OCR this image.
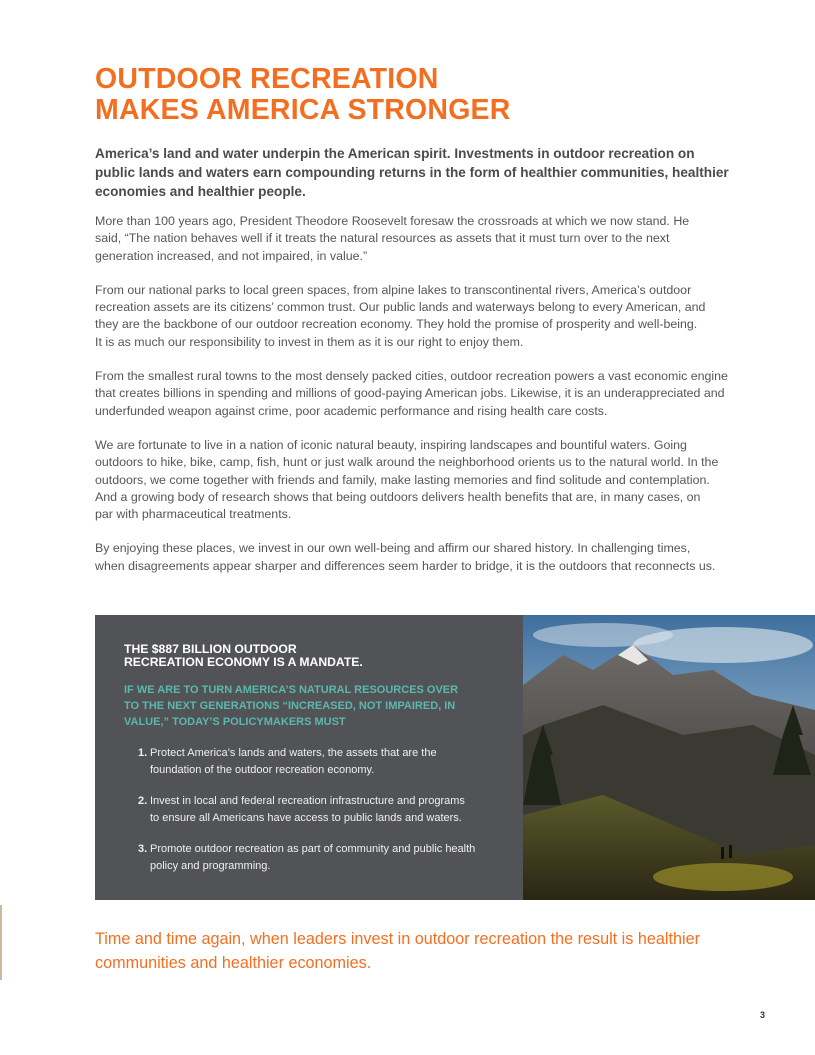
OUTDOOR RECREATION
MAKES AMERICA STRONGER
America’s land and water underpin the American spirit. Investments in outdoor recreation on
public lands and waters earn compounding returns in the form of healthier communities, healthier
economies and healthier people.

More than 100 years ago, President Theodore Roosevelt foresaw the crossroads at which we now stand. He
said, “The nation behaves well if it treats the natural resources as assets that it must turn over to the next
generation increased, and not impaired, in value.”

From our national parks to local green spaces, from alpine lakes to transcontinental rivers, America’s outdoor
recreation assets are its citizens’ common trust. Our public lands and waterways belong to every American, and
they are the backbone of our outdoor recreation economy. They hold the promise of prosperity and well-being.
It is as much our responsibility to invest in them as it is our right to enjoy them.

From the smallest rural towns to the most densely packed cities, outdoor recreation powers a vast economic engine
that creates billions in spending and millions of good-paying American jobs. Likewise, it is an underappreciated and
underfunded weapon against crime, poor academic performance and rising health care costs.

We are fortunate to live in a nation of iconic natural beauty, inspiring landscapes and bountiful waters. Going
outdoors to hike, bike, camp, fish, hunt or just walk around the neighborhood orients us to the natural world. In the
outdoors, we come together with friends and family, make lasting memories and find solitude and contemplation.
And a growing body of research shows that being outdoors delivers health benefits that are, in many cases, on
par with pharmaceutical treatments.

By enjoying these places, we invest in our own well-being and affirm our shared history. In challenging times,
when disagreements appear sharper and differences seem harder to bridge, it is the outdoors that reconnects us.

THE $887 BILLION OUTDOOR
RECREATION ECONOMY IS A MANDATE.

IF WE ARE TO TURN AMERICA’S NATURAL RESOURCES OVER
TO THE NEXT GENERATIONS “INCREASED, NOT IMPAIRED, IN
VALUE,” TODAY’S POLICYMAKERS MUST

1. Protect America’s lands and waters, the assets that are the
foundation of the outdoor recreation economy.
2. Invest in local and federal recreation infrastructure and programs
to ensure all Americans have access to public lands and waters.
3. Promote outdoor recreation as part of community and public health
policy and programming.
Time and time again, when leaders invest in outdoor recreation the result is healthier
communities and healthier economies.
3
